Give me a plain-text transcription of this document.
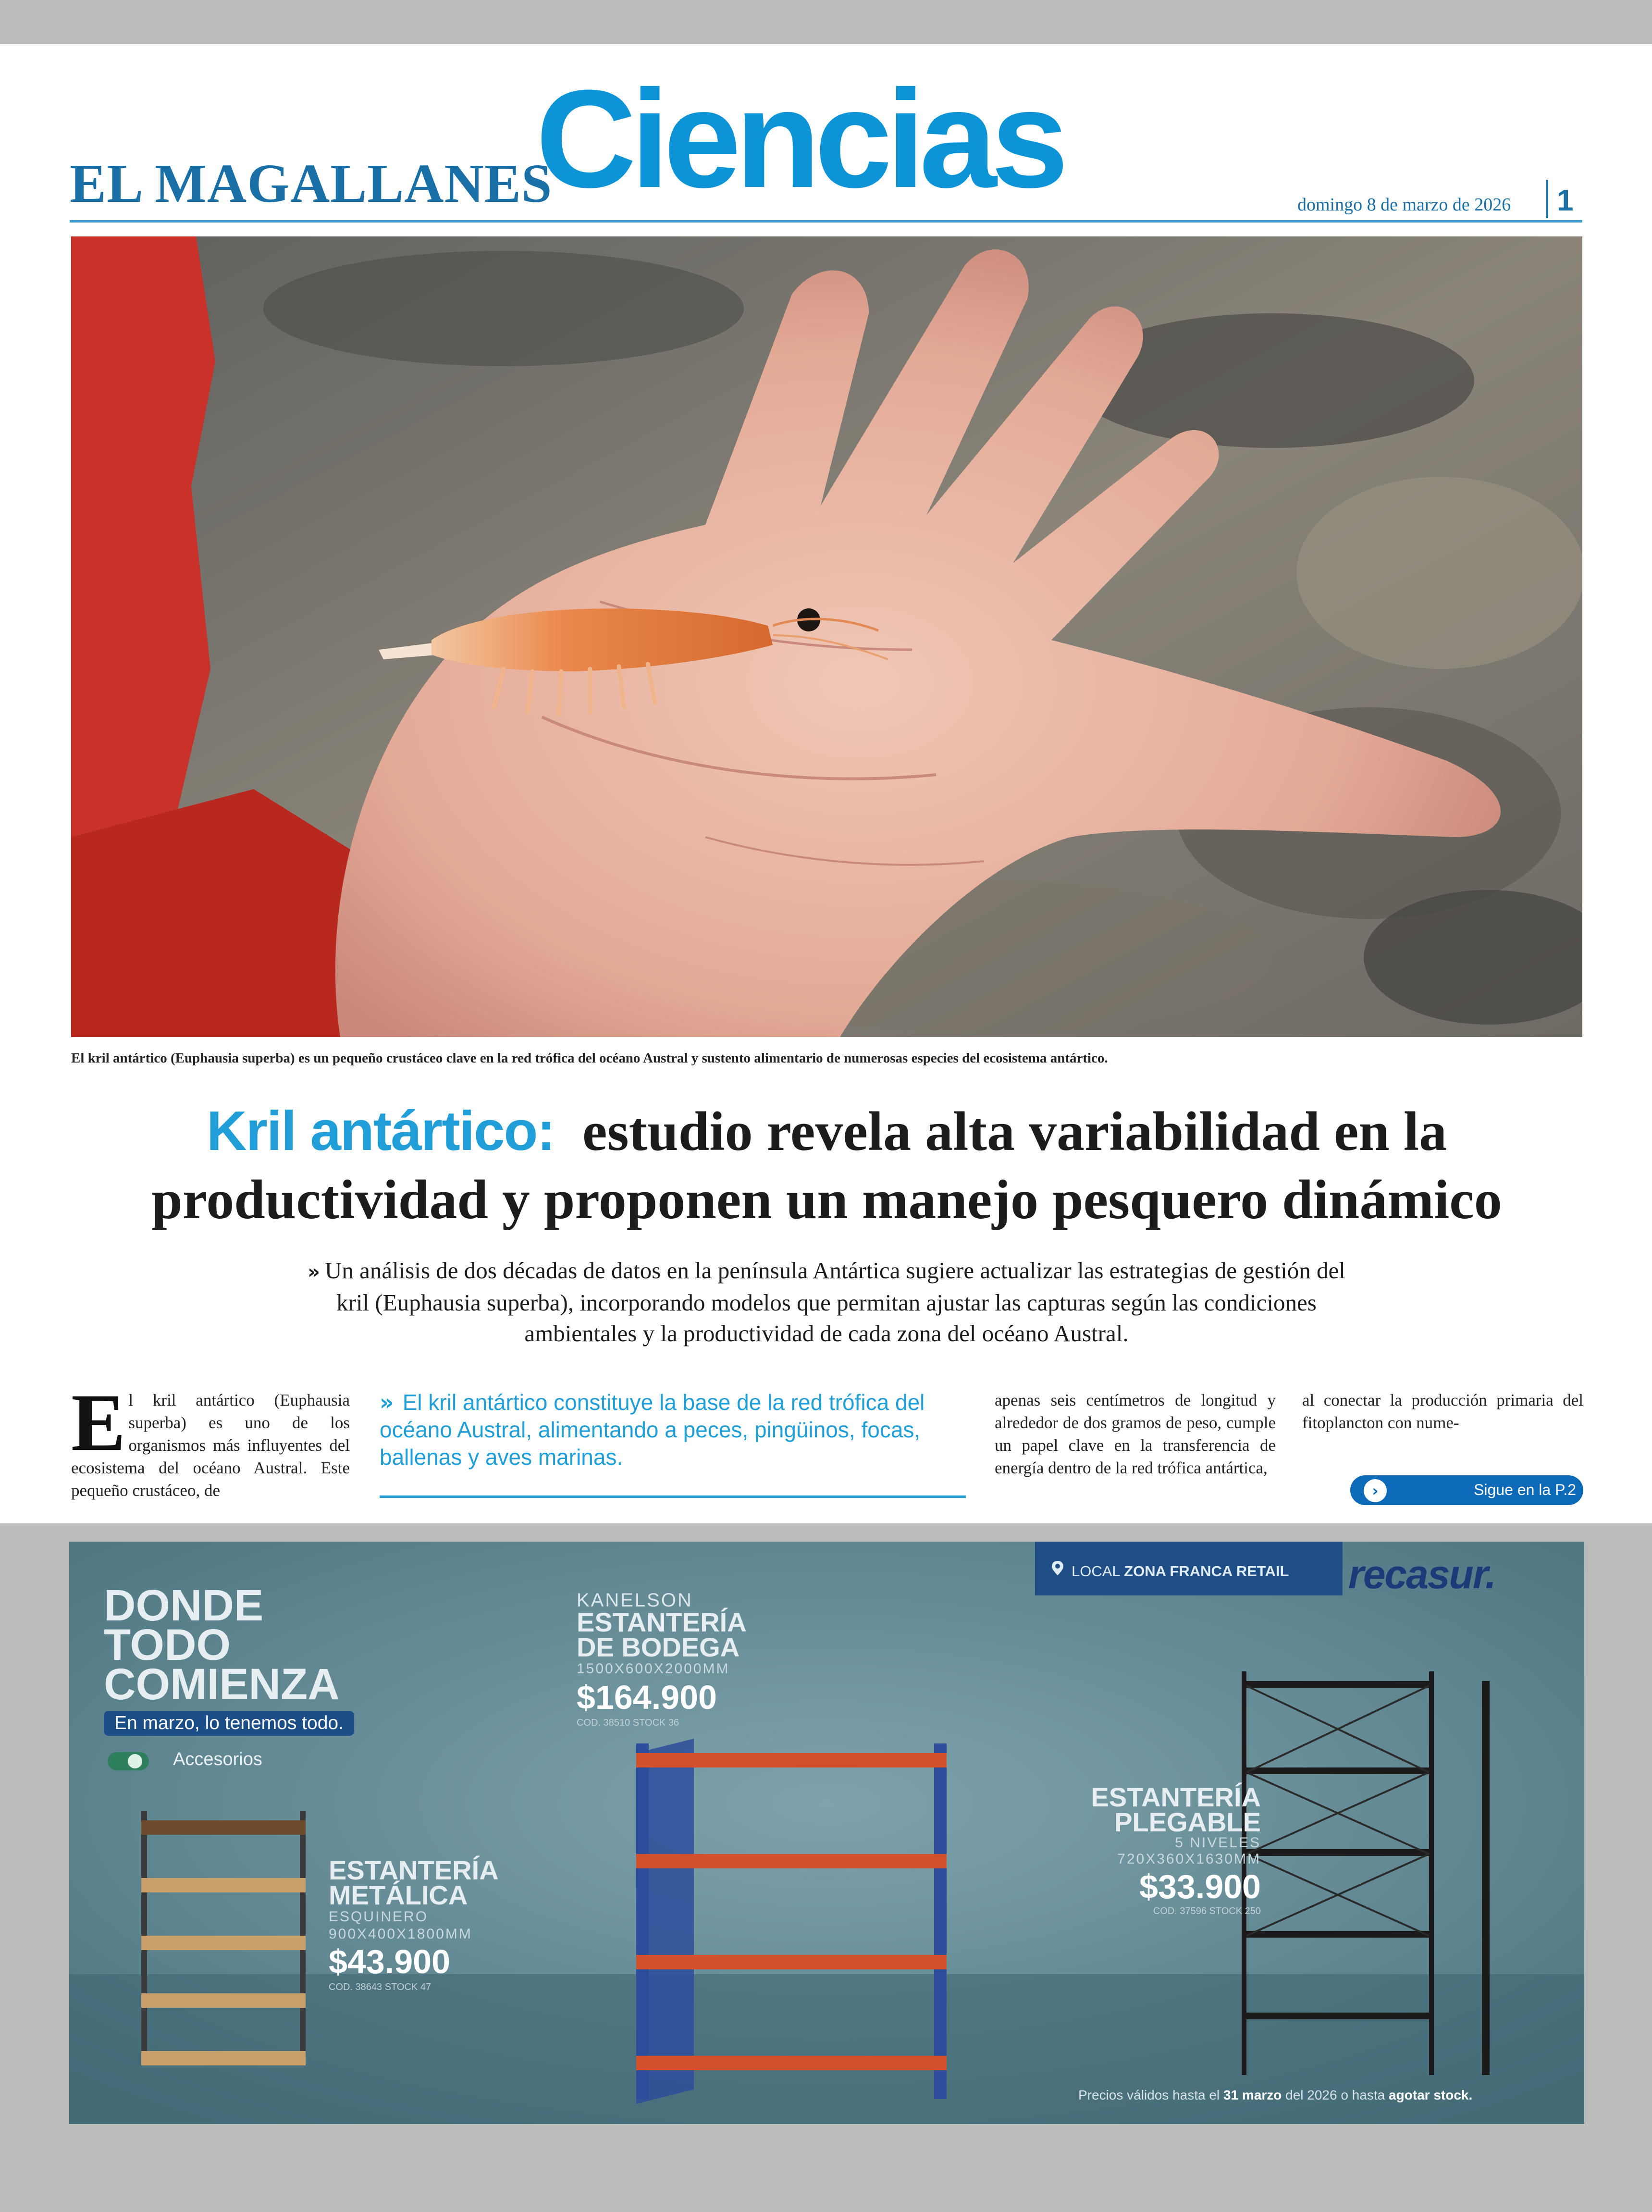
EL MAGALLANES
Ciencias	domingo 8 de marzo de 2026 1
El kril antártico (Euphausia superba) es un pequeño crustáceo clave en la red trófica del océano Austral y sustento alimentario de numerosas especies del ecosistema antártico.
Kril antártico: estudio revela alta variabilidad en la productividad y proponen un manejo pesquero dinámico
» Un análisis de dos décadas de datos en la península Antártica sugiere actualizar las estrategias de gestión del kril (Euphausia superba), incorporando modelos que permitan ajustar las capturas según las condiciones ambientales y la productividad de cada zona del océano Austral.
El kril antártico (Euphausia superba) es uno de los organismos más influyentes del ecosistema del océano Austral. Este pequeño crustáceo, de
» El kril antártico constituye la base de la red trófica del océano Austral, alimentando a peces, pingüinos, focas, ballenas y aves marinas.
apenas seis centímetros de longitud y alrededor de dos gramos de peso, cumple un papel clave en la transferencia de energía dentro de la red trófica antártica,
al conectar la producción primaria del fitoplancton con nume-
›	Sigue en la P.2
DONDE
TODO
COMIENZA
En marzo, lo tenemos todo.
Accesorios
ESTANTERÍA
METÁLICA
ESQUINERO
900X400X1800MM
$43.900
COD. 38643 STOCK 47
KANELSON
ESTANTERÍA
DE BODEGA
1500X600X2000MM
$164.900
COD. 38510 STOCK 36
ESTANTERÍA
PLEGABLE
5 NIVELES
720X360X1630MM
$33.900
COD. 37596 STOCK 250
LOCAL ZONA FRANCA RETAIL recasur.
Precios válidos hasta el 31 marzo del 2026 o hasta agotar stock.
